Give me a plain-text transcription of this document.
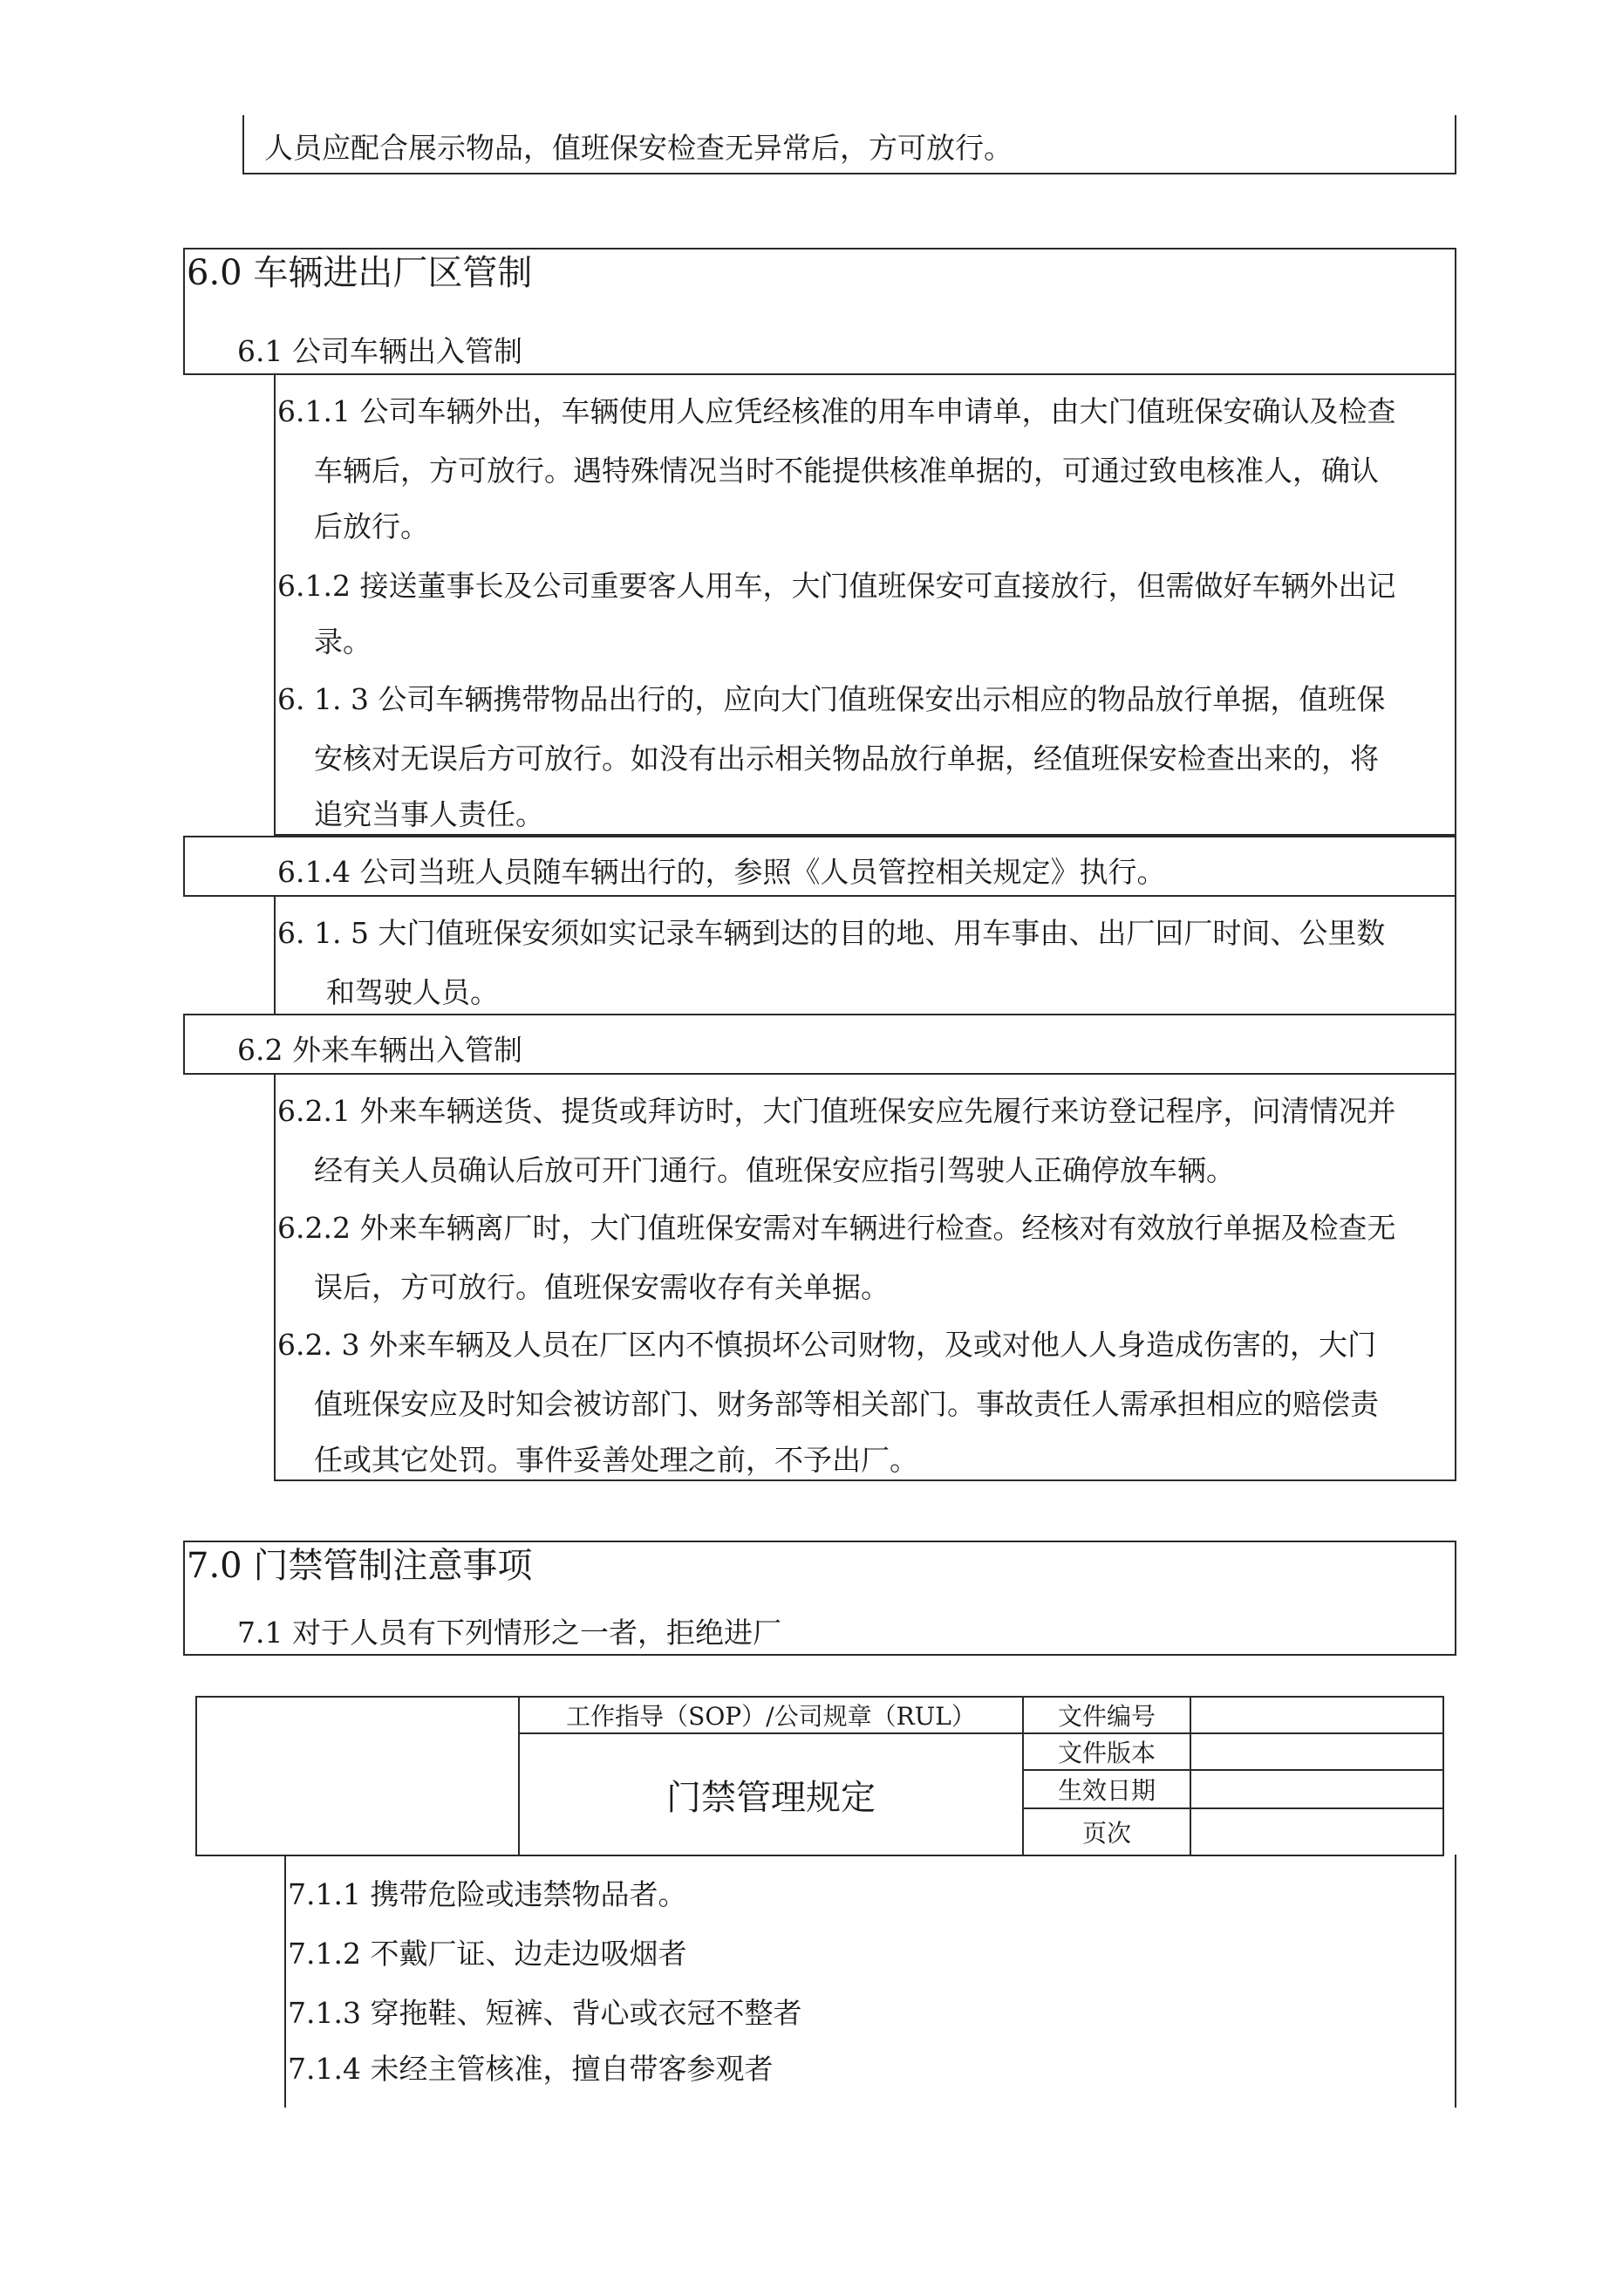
人员应配合展示物品，值班保安检查无异常后，方可放行。
6.0 车辆进出厂区管制
6.1 公司车辆出入管制
6.1.1 公司车辆外出，车辆使用人应凭经核准的用车申请单，由大门值班保安确认及检查
车辆后，方可放行。遇特殊情况当时不能提供核准单据的，可通过致电核准人，确认
后放行。
6.1.2 接送董事长及公司重要客人用车，大门值班保安可直接放行，但需做好车辆外出记
录。
6. 1. 3 公司车辆携带物品出行的，应向大门值班保安出示相应的物品放行单据，值班保
安核对无误后方可放行。如没有出示相关物品放行单据，经值班保安检查出来的，将
追究当事人责任。
6.1.4 公司当班人员随车辆出行的，参照《人员管控相关规定》执行。
6. 1. 5 大门值班保安须如实记录车辆到达的目的地、用车事由、出厂回厂时间、公里数
和驾驶人员。
6.2 外来车辆出入管制
6.2.1 外来车辆送货、提货或拜访时，大门值班保安应先履行来访登记程序，问清情况并
经有关人员确认后放可开门通行。值班保安应指引驾驶人正确停放车辆。
6.2.2 外来车辆离厂时，大门值班保安需对车辆进行检查。经核对有效放行单据及检查无
误后，方可放行。值班保安需收存有关单据。
6.2. 3 外来车辆及人员在厂区内不慎损坏公司财物，及或对他人人身造成伤害的，大门
值班保安应及时知会被访部门、财务部等相关部门。事故责任人需承担相应的赔偿责
任或其它处罚。事件妥善处理之前，不予出厂。
7.0 门禁管制注意事项
7.1 对于人员有下列情形之一者，拒绝进厂
	工作指导（SOP）/公司规章（RUL）	文件编号	
	门禁管理规定	文件版本	
		生效日期	
		页次	
7.1.1 携带危险或违禁物品者。
7.1.2 不戴厂证、边走边吸烟者
7.1.3 穿拖鞋、短裤、背心或衣冠不整者
7.1.4 未经主管核准，擅自带客参观者
